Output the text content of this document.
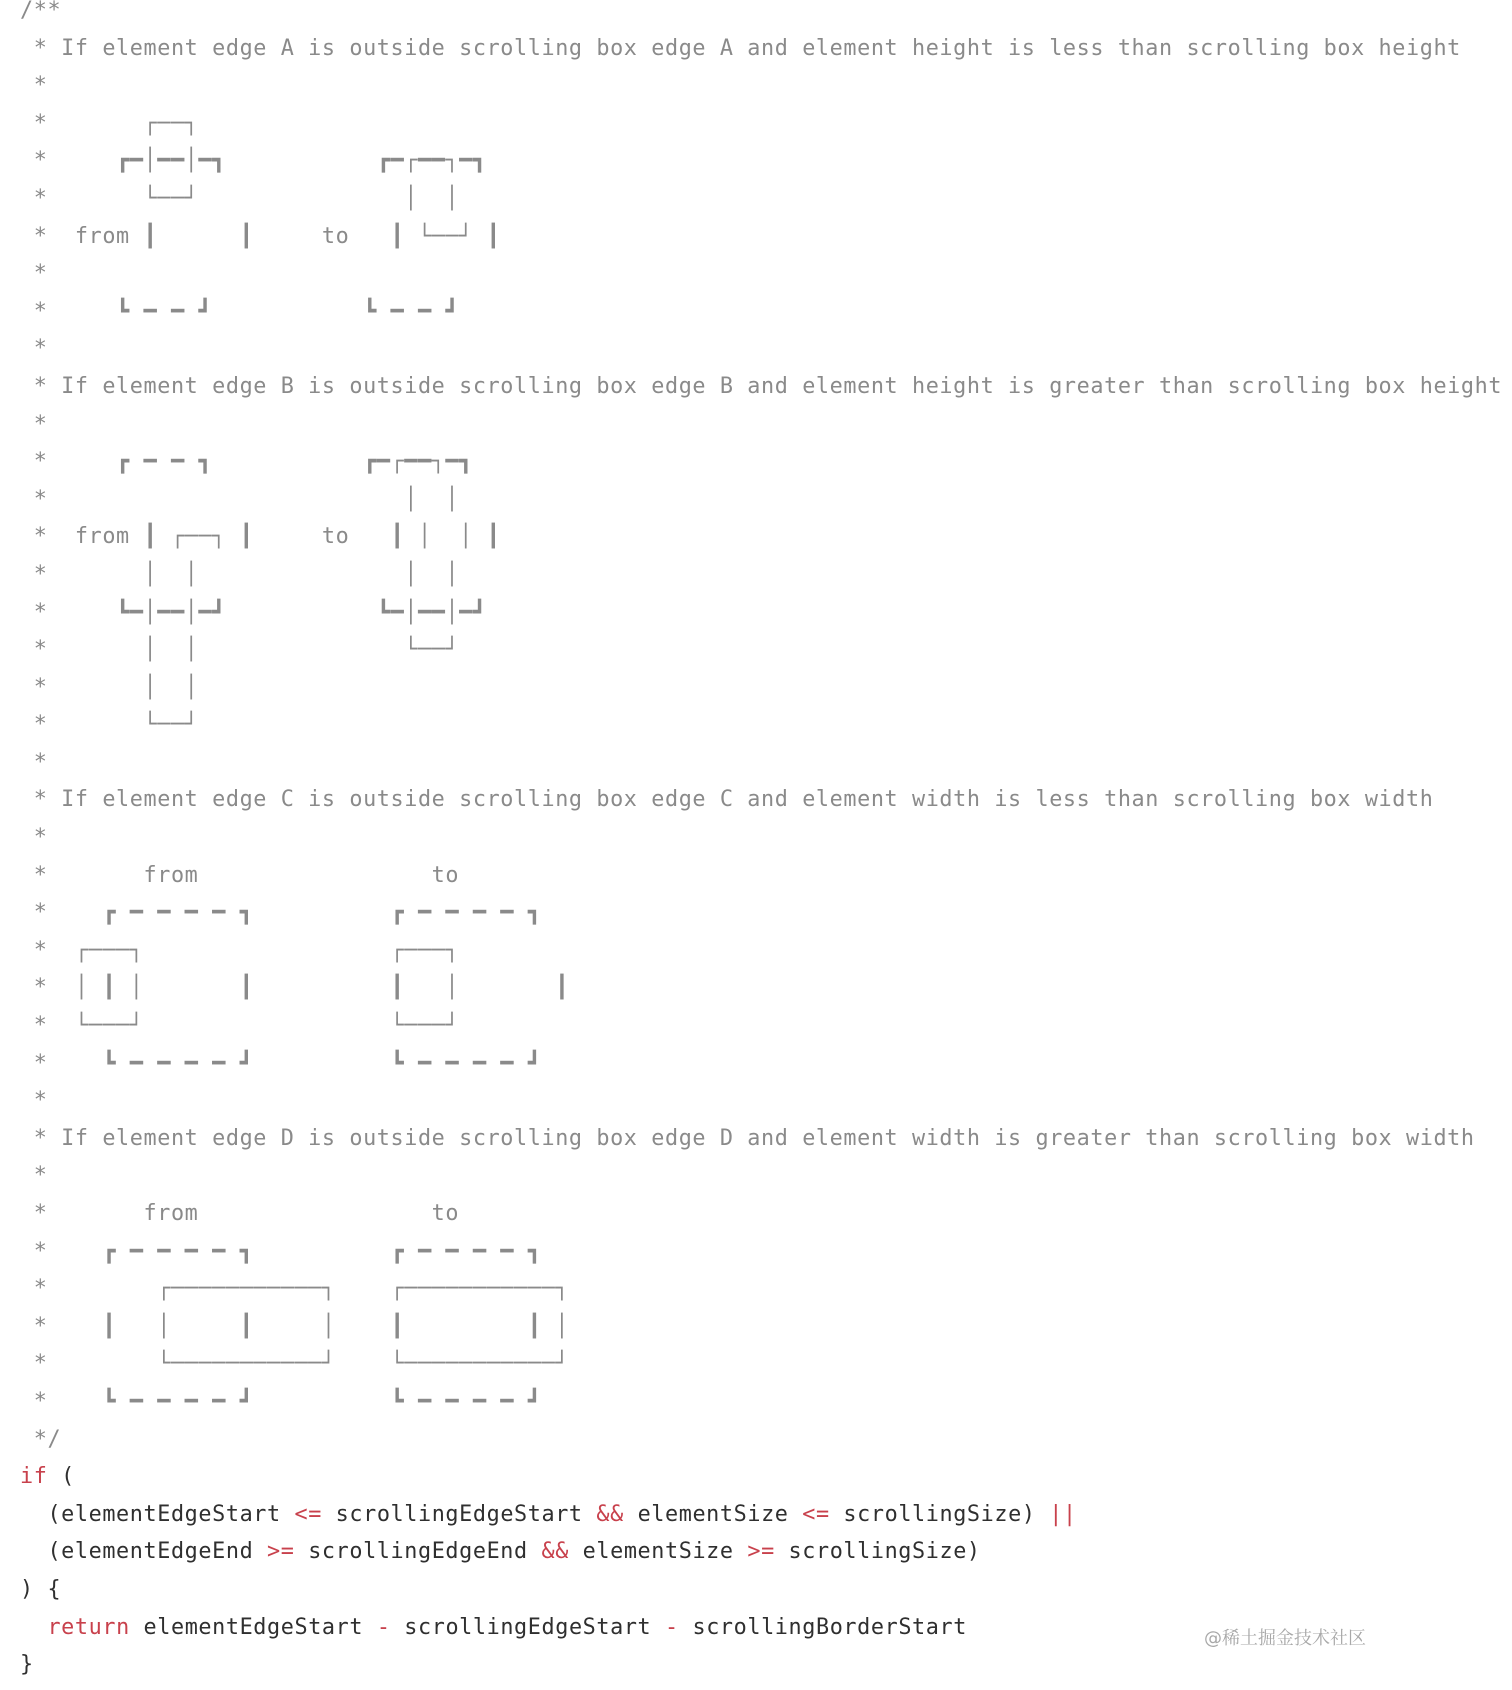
/**
* If element edge A is outside scrolling box edge A and element height is less than scrolling box height
*
*       ┌──┐
*     ┏━│━━│━┓           ┏━┌━━┐━┓
*       └──┘               │  │
*  from ┃      ┃     to   ┃ └──┘ ┃
*
*     ┗ ━ ━ ┛           ┗ ━ ━ ┛
*
* If element edge B is outside scrolling box edge B and element height is greater than scrolling box height
*
*     ┏ ━ ━ ┓           ┏━┌━━┐━┓
*                          │  │
*  from ┃ ┌──┐ ┃     to   ┃ │  │ ┃
*       │  │               │  │
*     ┗━│━━│━┛           ┗━│━━│━┛
*       │  │               └──┘
*       │  │
*       └──┘
*
* If element edge C is outside scrolling box edge C and element width is less than scrolling box width
*
*       from                 to
*    ┏ ━ ━ ━ ━ ┓          ┏ ━ ━ ━ ━ ┓
*  ┌───┐                  ┌───┐
*  │ ┃ │       ┃          ┃   │       ┃
*  └───┘                  └───┘
*    ┗ ━ ━ ━ ━ ┛          ┗ ━ ━ ━ ━ ┛
*
* If element edge D is outside scrolling box edge D and element width is greater than scrolling box width
*
*       from                 to
*    ┏ ━ ━ ━ ━ ┓          ┏ ━ ━ ━ ━ ┓
*        ┌───────────┐    ┌───────────┐
*    ┃   │     ┃     │    ┃         ┃ │
*        └───────────┘    └───────────┘
*    ┗ ━ ━ ━ ━ ┛          ┗ ━ ━ ━ ━ ┛
*/
if (
(elementEdgeStart <= scrollingEdgeStart && elementSize <= scrollingSize) ||
(elementEdgeEnd >= scrollingEdgeEnd && elementSize >= scrollingSize)
) {
return elementEdgeStart - scrollingEdgeStart - scrollingBorderStart
}
@稀土掘金技术社区
